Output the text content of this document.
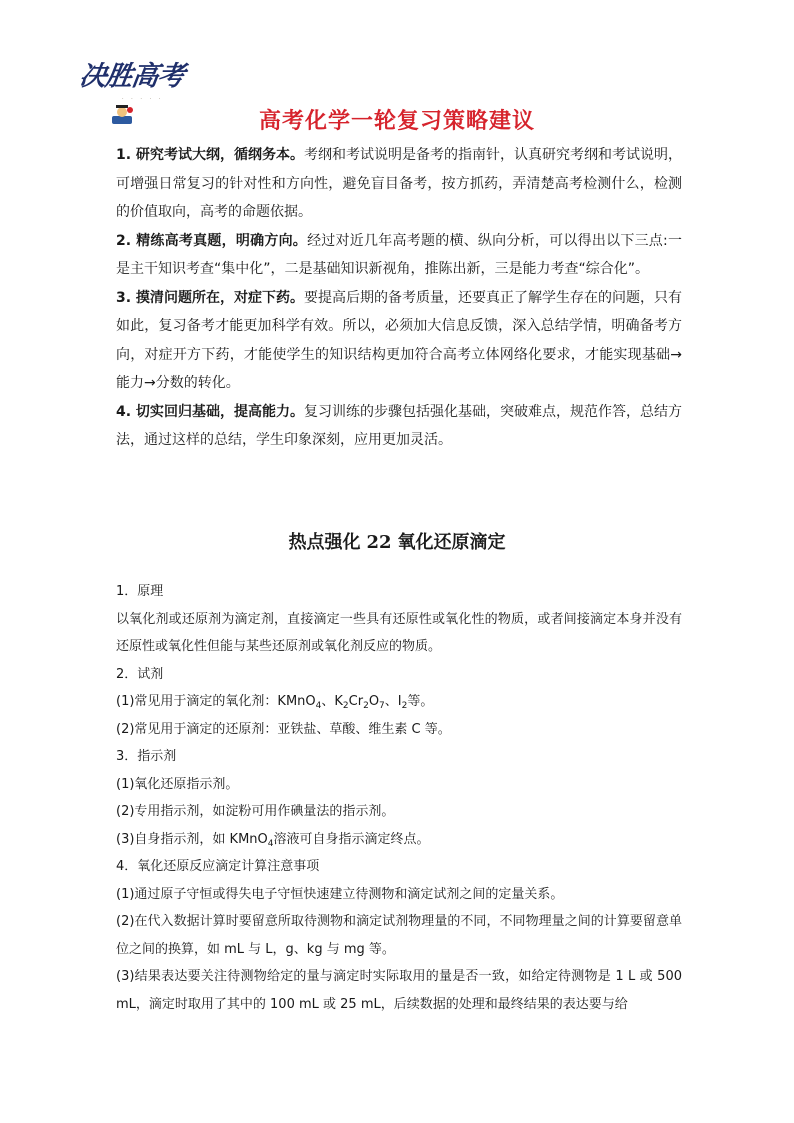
决胜高考
· · · · ·
高考化学一轮复习策略建议

1. 研究考试大纲，循纲务本。考纲和考试说明是备考的指南针，认真研究考纲和考试说明，可增强日常复习的针对性和方向性，避免盲目备考，按方抓药，弄清楚高考检测什么，检测的价值取向，高考的命题依据。

2. 精练高考真题，明确方向。经过对近几年高考题的横、纵向分析，可以得出以下三点:一是主干知识考查“集中化”，二是基础知识新视角，推陈出新，三是能力考查“综合化”。

3. 摸清问题所在，对症下药。要提高后期的备考质量，还要真正了解学生存在的问题，只有如此，复习备考才能更加科学有效。所以，必须加大信息反馈，深入总结学情，明确备考方向，对症开方下药，才能使学生的知识结构更加符合高考立体网络化要求，才能实现基础→能力→分数的转化。

4. 切实回归基础，提高能力。复习训练的步骤包括强化基础，突破难点，规范作答，总结方法，通过这样的总结，学生印象深刻，应用更加灵活。

热点强化 22 氧化还原滴定

1．原理

以氧化剂或还原剂为滴定剂，直接滴定一些具有还原性或氧化性的物质，或者间接滴定本身并没有还原性或氧化性但能与某些还原剂或氧化剂反应的物质。

2．试剂

(1)常见用于滴定的氧化剂：KMnO$_4$、$K_2Cr_2O_7$、$I_2$等。

(2)常见用于滴定的还原剂：亚铁盐、草酸、维生素 C 等。

3．指示剂

(1)氧化还原指示剂。

(2)专用指示剂，如淀粉可用作碘量法的指示剂。

(3)自身指示剂，如 KMnO$_4$溶液可自身指示滴定终点。

4．氧化还原反应滴定计算注意事项

(1)通过原子守恒或得失电子守恒快速建立待测物和滴定试剂之间的定量关系。

(2)在代入数据计算时要留意所取待测物和滴定试剂物理量的不同，不同物理量之间的计算要留意单位之间的换算，如 mL 与 L，g、kg 与 mg 等。

(3)结果表达要关注待测物给定的量与滴定时实际取用的量是否一致，如给定待测物是 1 L 或 500 mL，滴定时取用了其中的 100 mL 或 25 mL，后续数据的处理和最终结果的表达要与给
